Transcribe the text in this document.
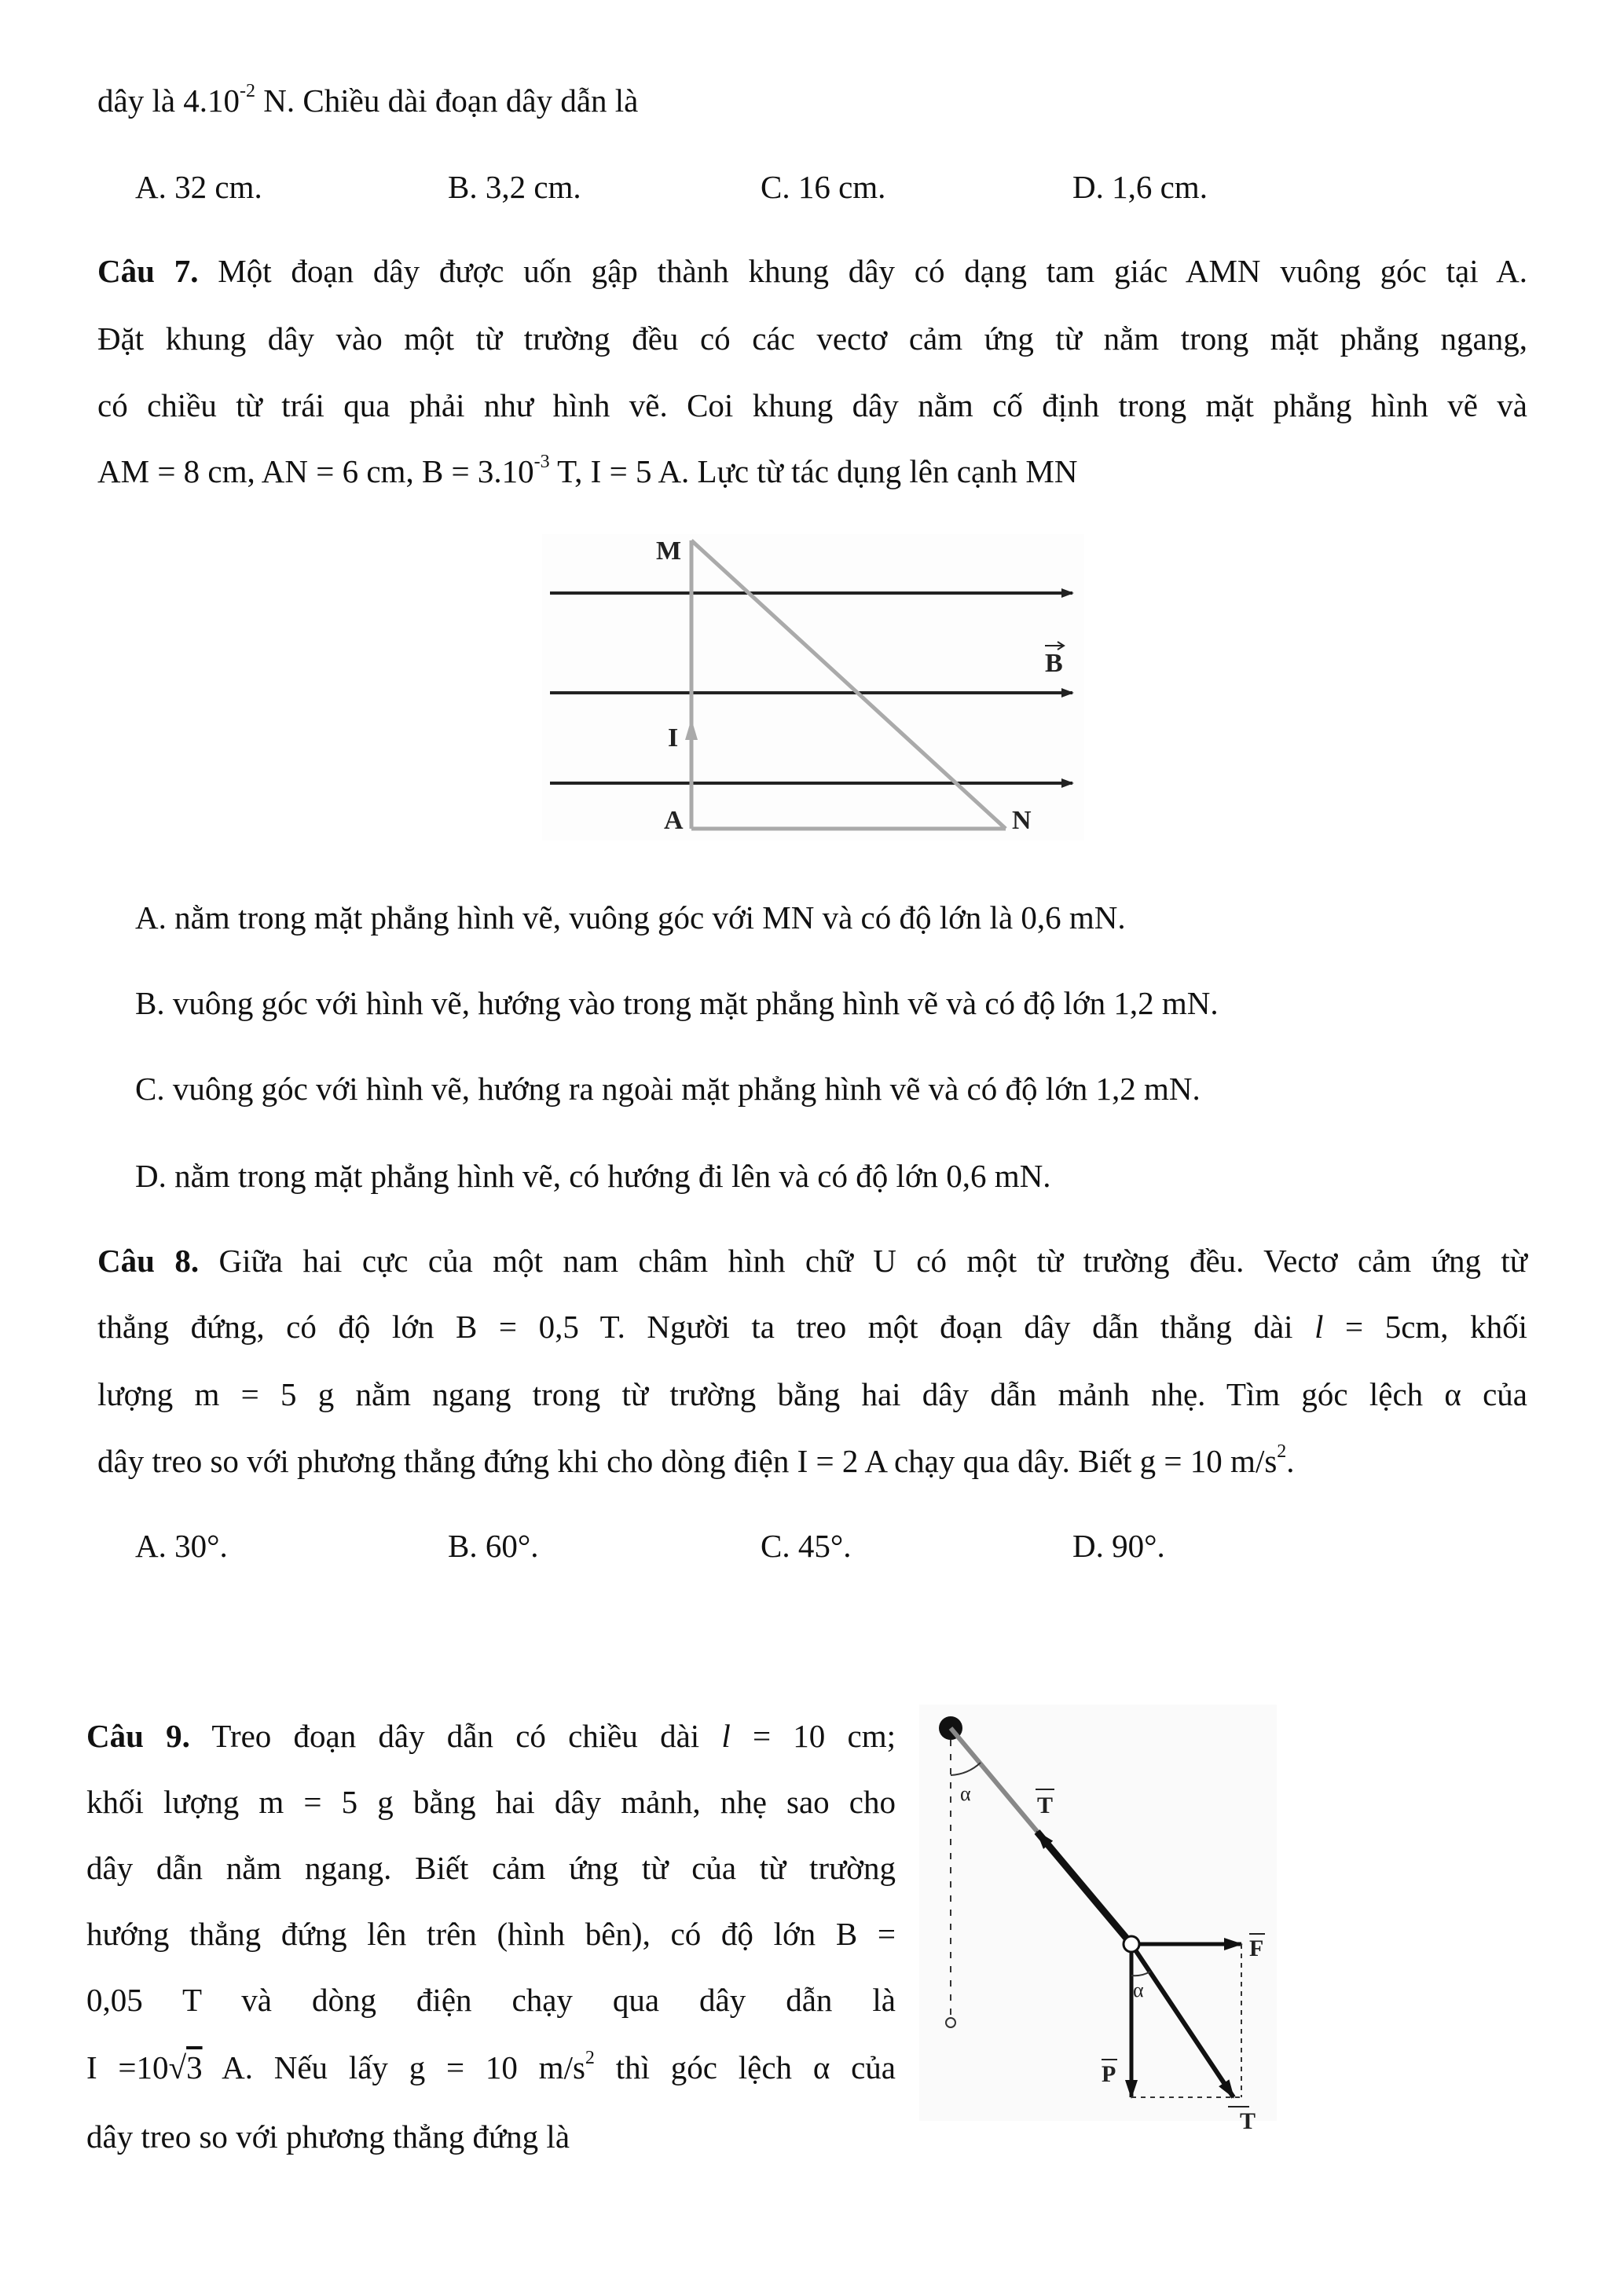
dây là $4.10^{-2}$ N. Chiều dài đoạn dây dẫn là
A. 32 cm.	B. 3,2 cm.	C. 16 cm.	D. 1,6 cm.
Câu 7. Một đoạn dây được uốn gập thành khung dây có dạng tam giác AMN vuông góc tại A.
Đặt khung dây vào một từ trường đều có các vectơ cảm ứng từ nằm trong mặt phẳng ngang,
có chiều từ trái qua phải như hình vẽ. Coi khung dây nằm cố định trong mặt phẳng hình vẽ và
AM = 8 cm, AN = 6 cm, $B = 3.10^{-3}$ T, I = 5 A. Lực từ tác dụng lên cạnh MN
M
B
I
A	N
A. nằm trong mặt phẳng hình vẽ, vuông góc với MN và có độ lớn là 0,6 mN.
B. vuông góc với hình vẽ, hướng vào trong mặt phẳng hình vẽ và có độ lớn 1,2 mN.
C. vuông góc với hình vẽ, hướng ra ngoài mặt phẳng hình vẽ và có độ lớn 1,2 mN.
D. nằm trong mặt phẳng hình vẽ, có hướng đi lên và có độ lớn 0,6 mN.
Câu 8. Giữa hai cực của một nam châm hình chữ U có một từ trường đều. Vectơ cảm ứng từ
thẳng đứng, có độ lớn B = 0,5 T. Người ta treo một đoạn dây dẫn thẳng dài l = 5cm, khối
lượng m = 5 g nằm ngang trong từ trường bằng hai dây dẫn mảnh nhẹ. Tìm góc lệch α của
dây treo so với phương thẳng đứng khi cho dòng điện I = 2 A chạy qua dây. Biết g = 10 $m/s^2$.
A. 30°.	B. 60°.	C. 45°.	D. 90°.
Câu 9. Treo đoạn dây dẫn có chiều dài l = 10 cm;
khối lượng m = 5 g bằng hai dây mảnh, nhẹ sao cho
dây dẫn nằm ngang. Biết cảm ứng từ của từ trường
hướng thẳng đứng lên trên (hình bên), có độ lớn B =
0,05 T và dòng điện chạy qua dây dẫn là
I =10√3 A. Nếu lấy g = 10 $m/s^2$ thì góc lệch α của
dây treo so với phương thẳng đứng là
α	T
F
P
α
T
